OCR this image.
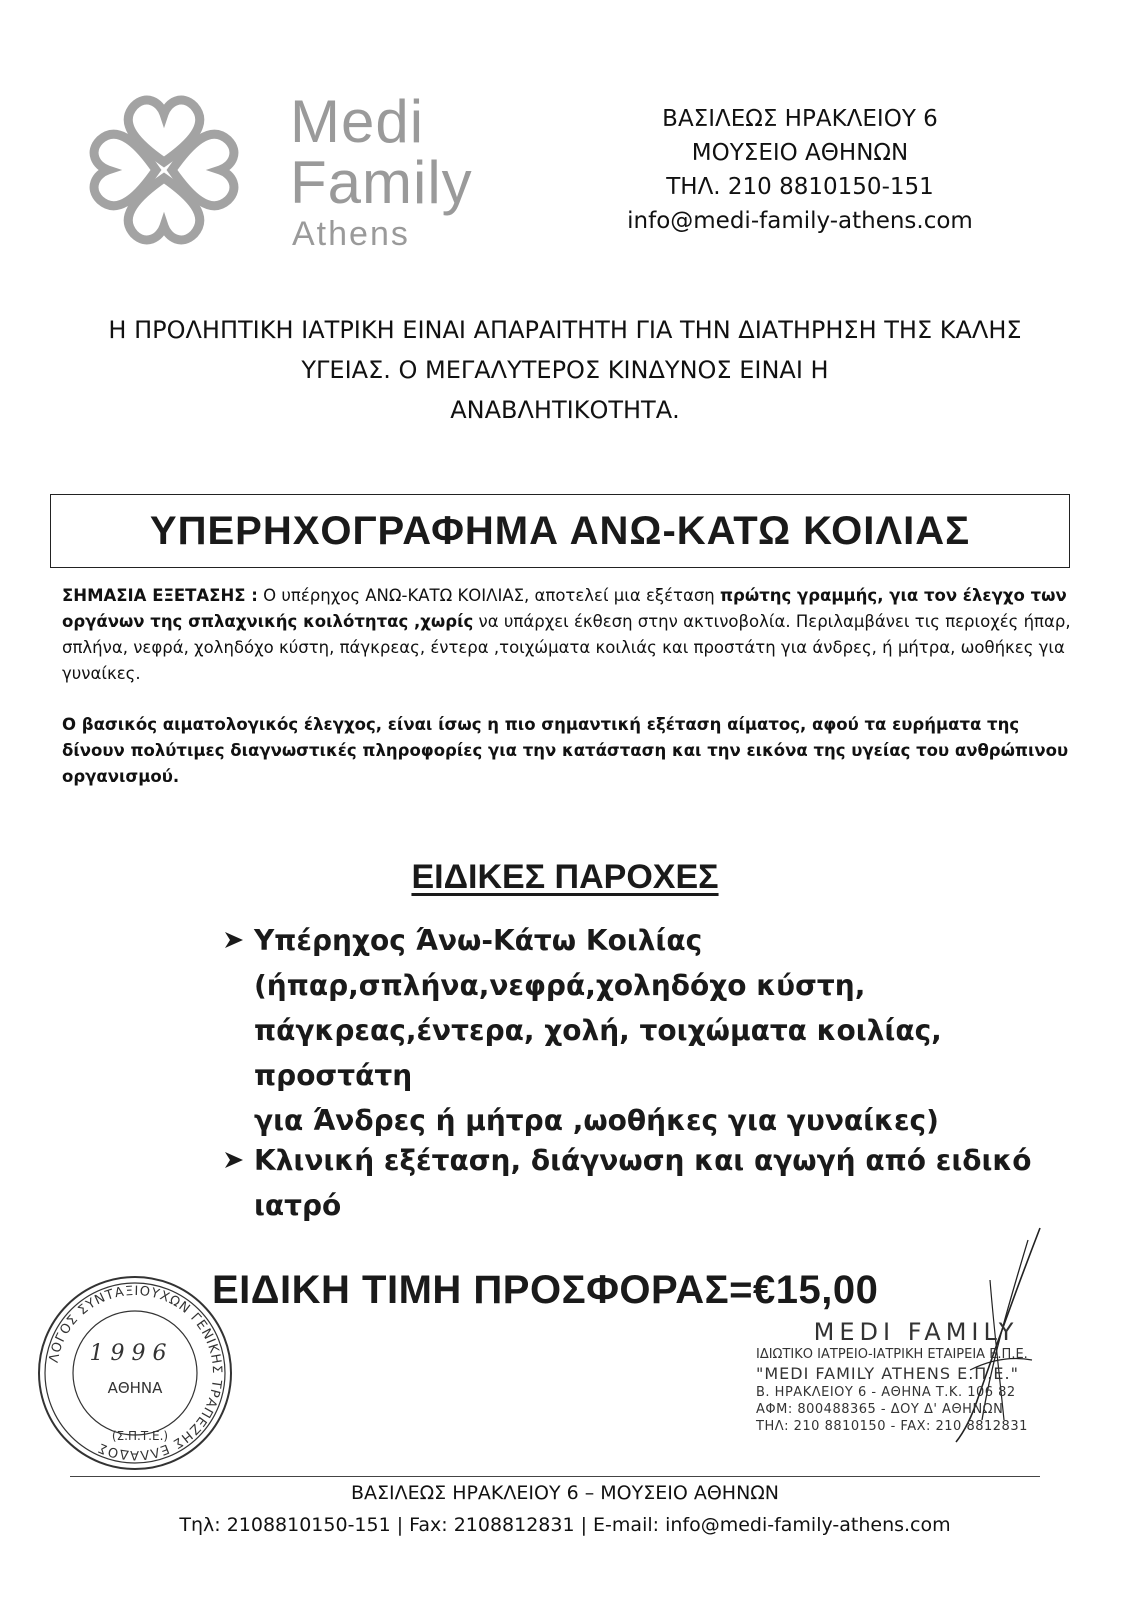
Medi
Family
Athens
ΒΑΣΙΛΕΩΣ ΗΡΑΚΛΕΙΟΥ 6
ΜΟΥΣΕΙΟ ΑΘΗΝΩΝ
ΤΗΛ. 210 8810150-151
info@medi-family-athens.com
Η ΠΡΟΛΗΠΤΙΚΗ ΙΑΤΡΙΚΗ ΕΙΝΑΙ ΑΠΑΡΑΙΤΗΤΗ ΓΙΑ ΤΗΝ ΔΙΑΤΗΡΗΣΗ ΤΗΣ ΚΑΛΗΣ
ΥΓΕΙΑΣ. Ο ΜΕΓΑΛΥΤΕΡΟΣ ΚΙΝΔΥΝΟΣ ΕΙΝΑΙ Η
ΑΝΑΒΛΗΤΙΚΟΤΗΤΑ.
ΥΠΕΡΗΧΟΓΡΑΦΗΜΑ ΑΝΩ-ΚΑΤΩ ΚΟΙΛΙΑΣ
ΣΗΜΑΣΙΑ ΕΞΕΤΑΣΗΣ : Ο υπέρηχος ΑΝΩ-ΚΑΤΩ ΚΟΙΛΙΑΣ, αποτελεί μια εξέταση πρώτης γραμμής, για τον έλεγχο των οργάνων της σπλαχνικής κοιλότητας ,χωρίς να υπάρχει έκθεση στην ακτινοβολία. Περιλαμβάνει τις περιοχές ήπαρ, σπλήνα, νεφρά, χοληδόχο κύστη, πάγκρεας, έντερα ,τοιχώματα κοιλιάς και προστάτη για άνδρες, ή μήτρα, ωοθήκες για γυναίκες.
Ο βασικός αιματολογικός έλεγχος, είναι ίσως η πιο σημαντική εξέταση αίματος, αφού τα ευρήματα της δίνουν πολύτιμες διαγνωστικές πληροφορίες για την κατάσταση και την εικόνα της υγείας του ανθρώπινου οργανισμού.
ΕΙΔΙΚΕΣ ΠΑΡΟΧΕΣ
Υπέρηχος Άνω-Κάτω Κοιλίας
(ήπαρ,σπλήνα,νεφρά,χοληδόχο κύστη,
πάγκρεας,έντερα, χολή, τοιχώματα κοιλίας, προστάτη
για Άνδρες ή μήτρα ,ωοθήκες για γυναίκες)
Κλινική εξέταση, διάγνωση και αγωγή από ειδικό ιατρό
ΛΟΓΟΣ ΣΥΝΤΑΞΙΟΥΧΩΝ ΓΕΝΙΚΗΣ ΤΡΑΠΕΖΗΣ ΕΛΛΑΔΟΣ
1 9 9 6
ΑΘΗΝΑ
(Σ.Π.Τ.Ε.)
ΕΙΔΙΚΗ ΤΙΜΗ ΠΡΟΣΦΟΡΑΣ=€15,00
MEDI FAMILY
ΙΔΙΩΤΙΚΟ ΙΑΤΡΕΙΟ-ΙΑΤΡΙΚΗ ΕΤΑΙΡΕΙΑ Ε.Π.Ε.
"MEDI FAMILY ATHENS Ε.Π.Ε."
Β. ΗΡΑΚΛΕΙΟΥ 6 - ΑΘΗΝΑ Τ.Κ. 106 82
ΑΦΜ: 800488365 - ΔΟΥ Δ' ΑΘΗΝΩΝ
ΤΗΛ: 210 8810150 - FAX: 210 8812831
ΒΑΣΙΛΕΩΣ ΗΡΑΚΛΕΙΟΥ 6 – ΜΟΥΣΕΙΟ ΑΘΗΝΩΝ
Τηλ: 2108810150-151 | Fax: 2108812831 | E-mail: info@medi-family-athens.com
